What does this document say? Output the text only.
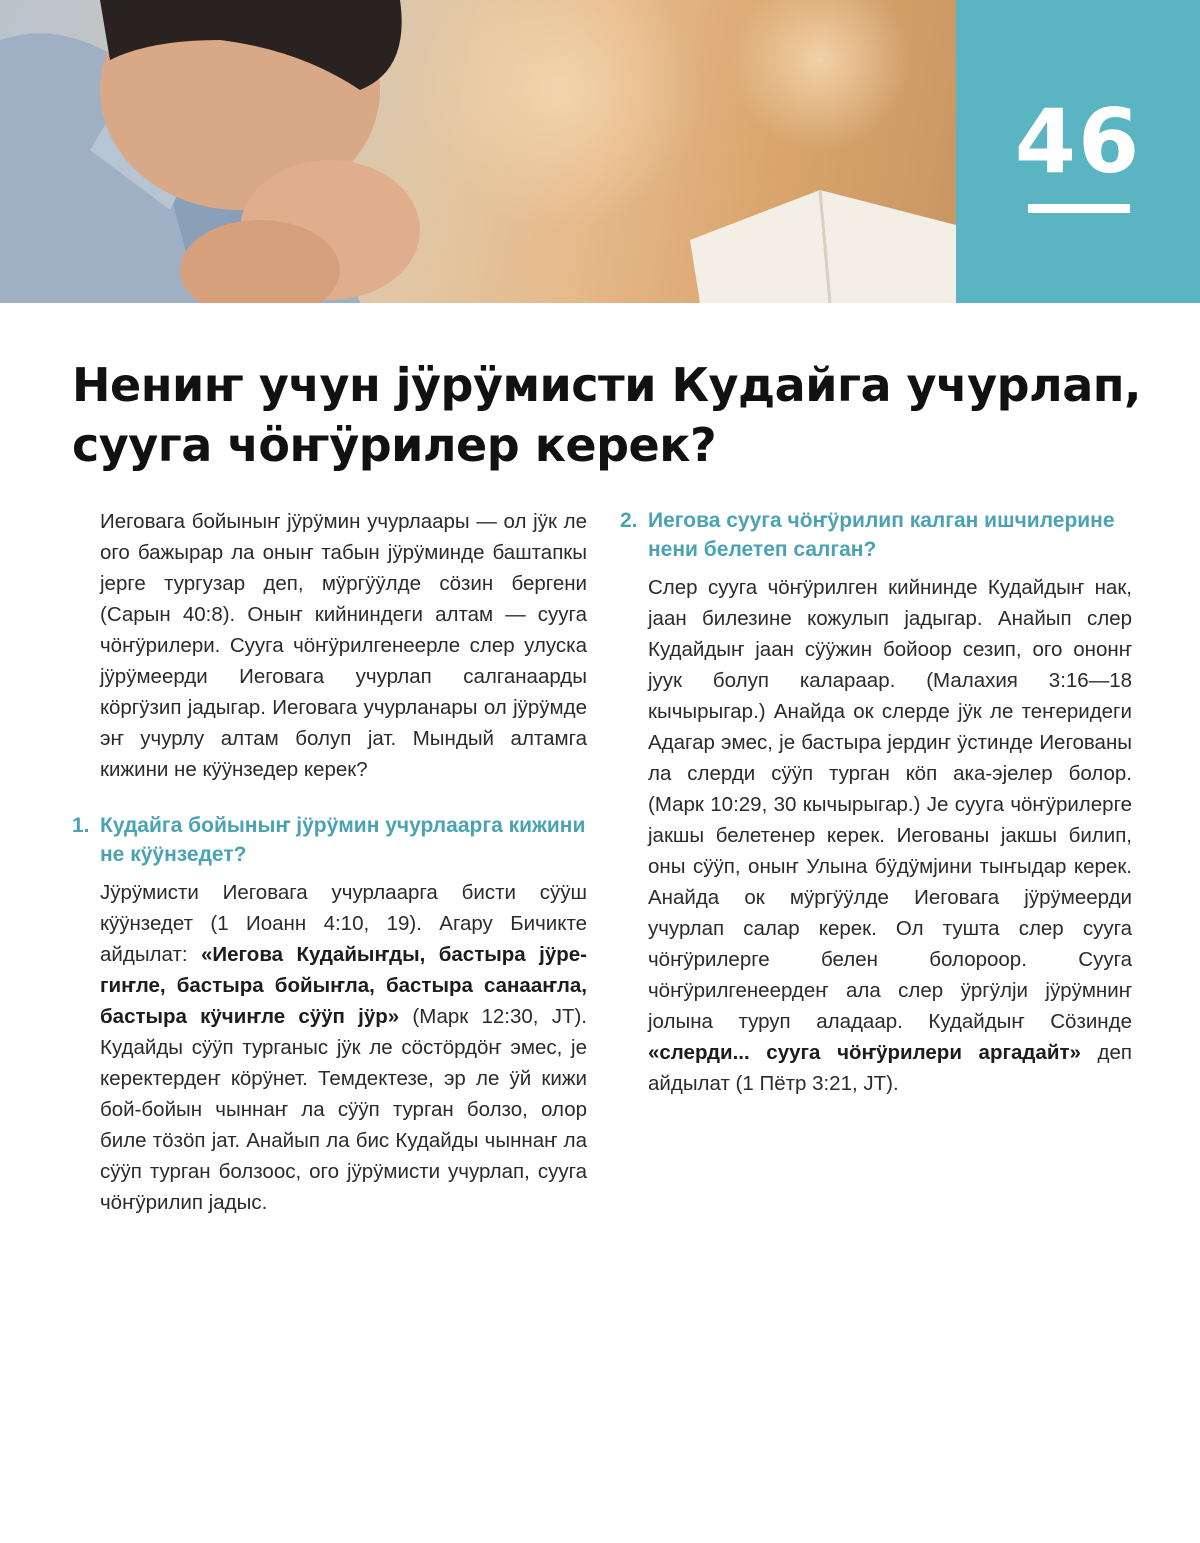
46
Нениҥ учун јӱрӱмисти Кудайга учурлап, сууга чӧҥӱрилер керек?

Иеговага бойыныҥ јӱрӱмин учурлаары — ол јӱк ле ого бажырар ла оныҥ табын јӱрӱминде баштапкы јерге тургузар деп, мӱргӱӱлде сӧзин бергени (Сарын 40:8). Оныҥ кийниндеги алтам — сууга чӧҥӱрилери. Сууга чӧҥӱрилгенеерле слер улуска јӱрӱмеерди Иеговага учурлап салганаарды кӧргӱзип јадыгар. Иеговага учурланары ол јӱрӱмде эҥ учурлу алтам болуп јат. Мындый алтамга кижини не кӱӱнзедер керек?

1. Кудайга бойыныҥ јӱрӱмин учурлаарга кижини не кӱӱнзедет?

Јӱрӱмисти Иеговага учурлаарга бисти сӱӱш кӱӱнзедет (1 Иоанн 4:10, 19). Агару Бичикте айдылат: «Иегова Кудайыҥды, бастыра јӱрегиҥле, бастыра бойыҥла, бастыра санааҥла, бастыра кӱчиҥле сӱӱп јӱр» (Марк 12:30, ЈТ). Кудайды сӱӱп турганыс јӱк ле сӧстӧрдӧҥ эмес, је керектердеҥ кӧрӱнет. Темдектезе, эр ле ӱй кижи бой-бойын чыннаҥ ла сӱӱп турган болзо, олор биле тӧзӧп јат. Анайып ла бис Кудайды чыннаҥ ла сӱӱп турган болзоос, ого јӱрӱмисти учурлап, сууга чӧҥӱрилип јадыс.

2. Иегова сууга чӧҥӱрилип калган ишчилерине нени белетеп салган?

Слер сууга чӧҥӱрилген кийнинде Кудайдыҥ нак, јаан билезине кожулып јадыгар. Анайып слер Кудайдыҥ јаан сӱӱжин бойоор сезип, ого ононҥ јуук болуп калараар. (Малахия 3:16—18 кычырыгар.) Анайда ок слерде јӱк ле теҥеридеги Адагар эмес, је бастыра јердиҥ ӱстинде Иегованы ла слерди сӱӱп турган кӧп ака-эјелер болор. (Марк 10:29, 30 кычырыгар.) Је сууга чӧҥӱрилерге јакшы белетенер керек. Иегованы јакшы билип, оны сӱӱп, оныҥ Улына бӱдӱмјини тыҥыдар керек. Анайда ок мӱргӱӱлде Иеговага јӱрӱмеерди учурлап салар керек. Ол тушта слер сууга чӧҥӱрилерге белен болороор. Сууга чӧҥӱрилгенеердеҥ ала слер ӱргӱлји јӱрӱмниҥ јолына туруп аладаар. Кудайдыҥ Сӧзинде «слерди... сууга чӧҥӱрилери аргадайт» деп айдылат (1 Пётр 3:21, ЈТ).
